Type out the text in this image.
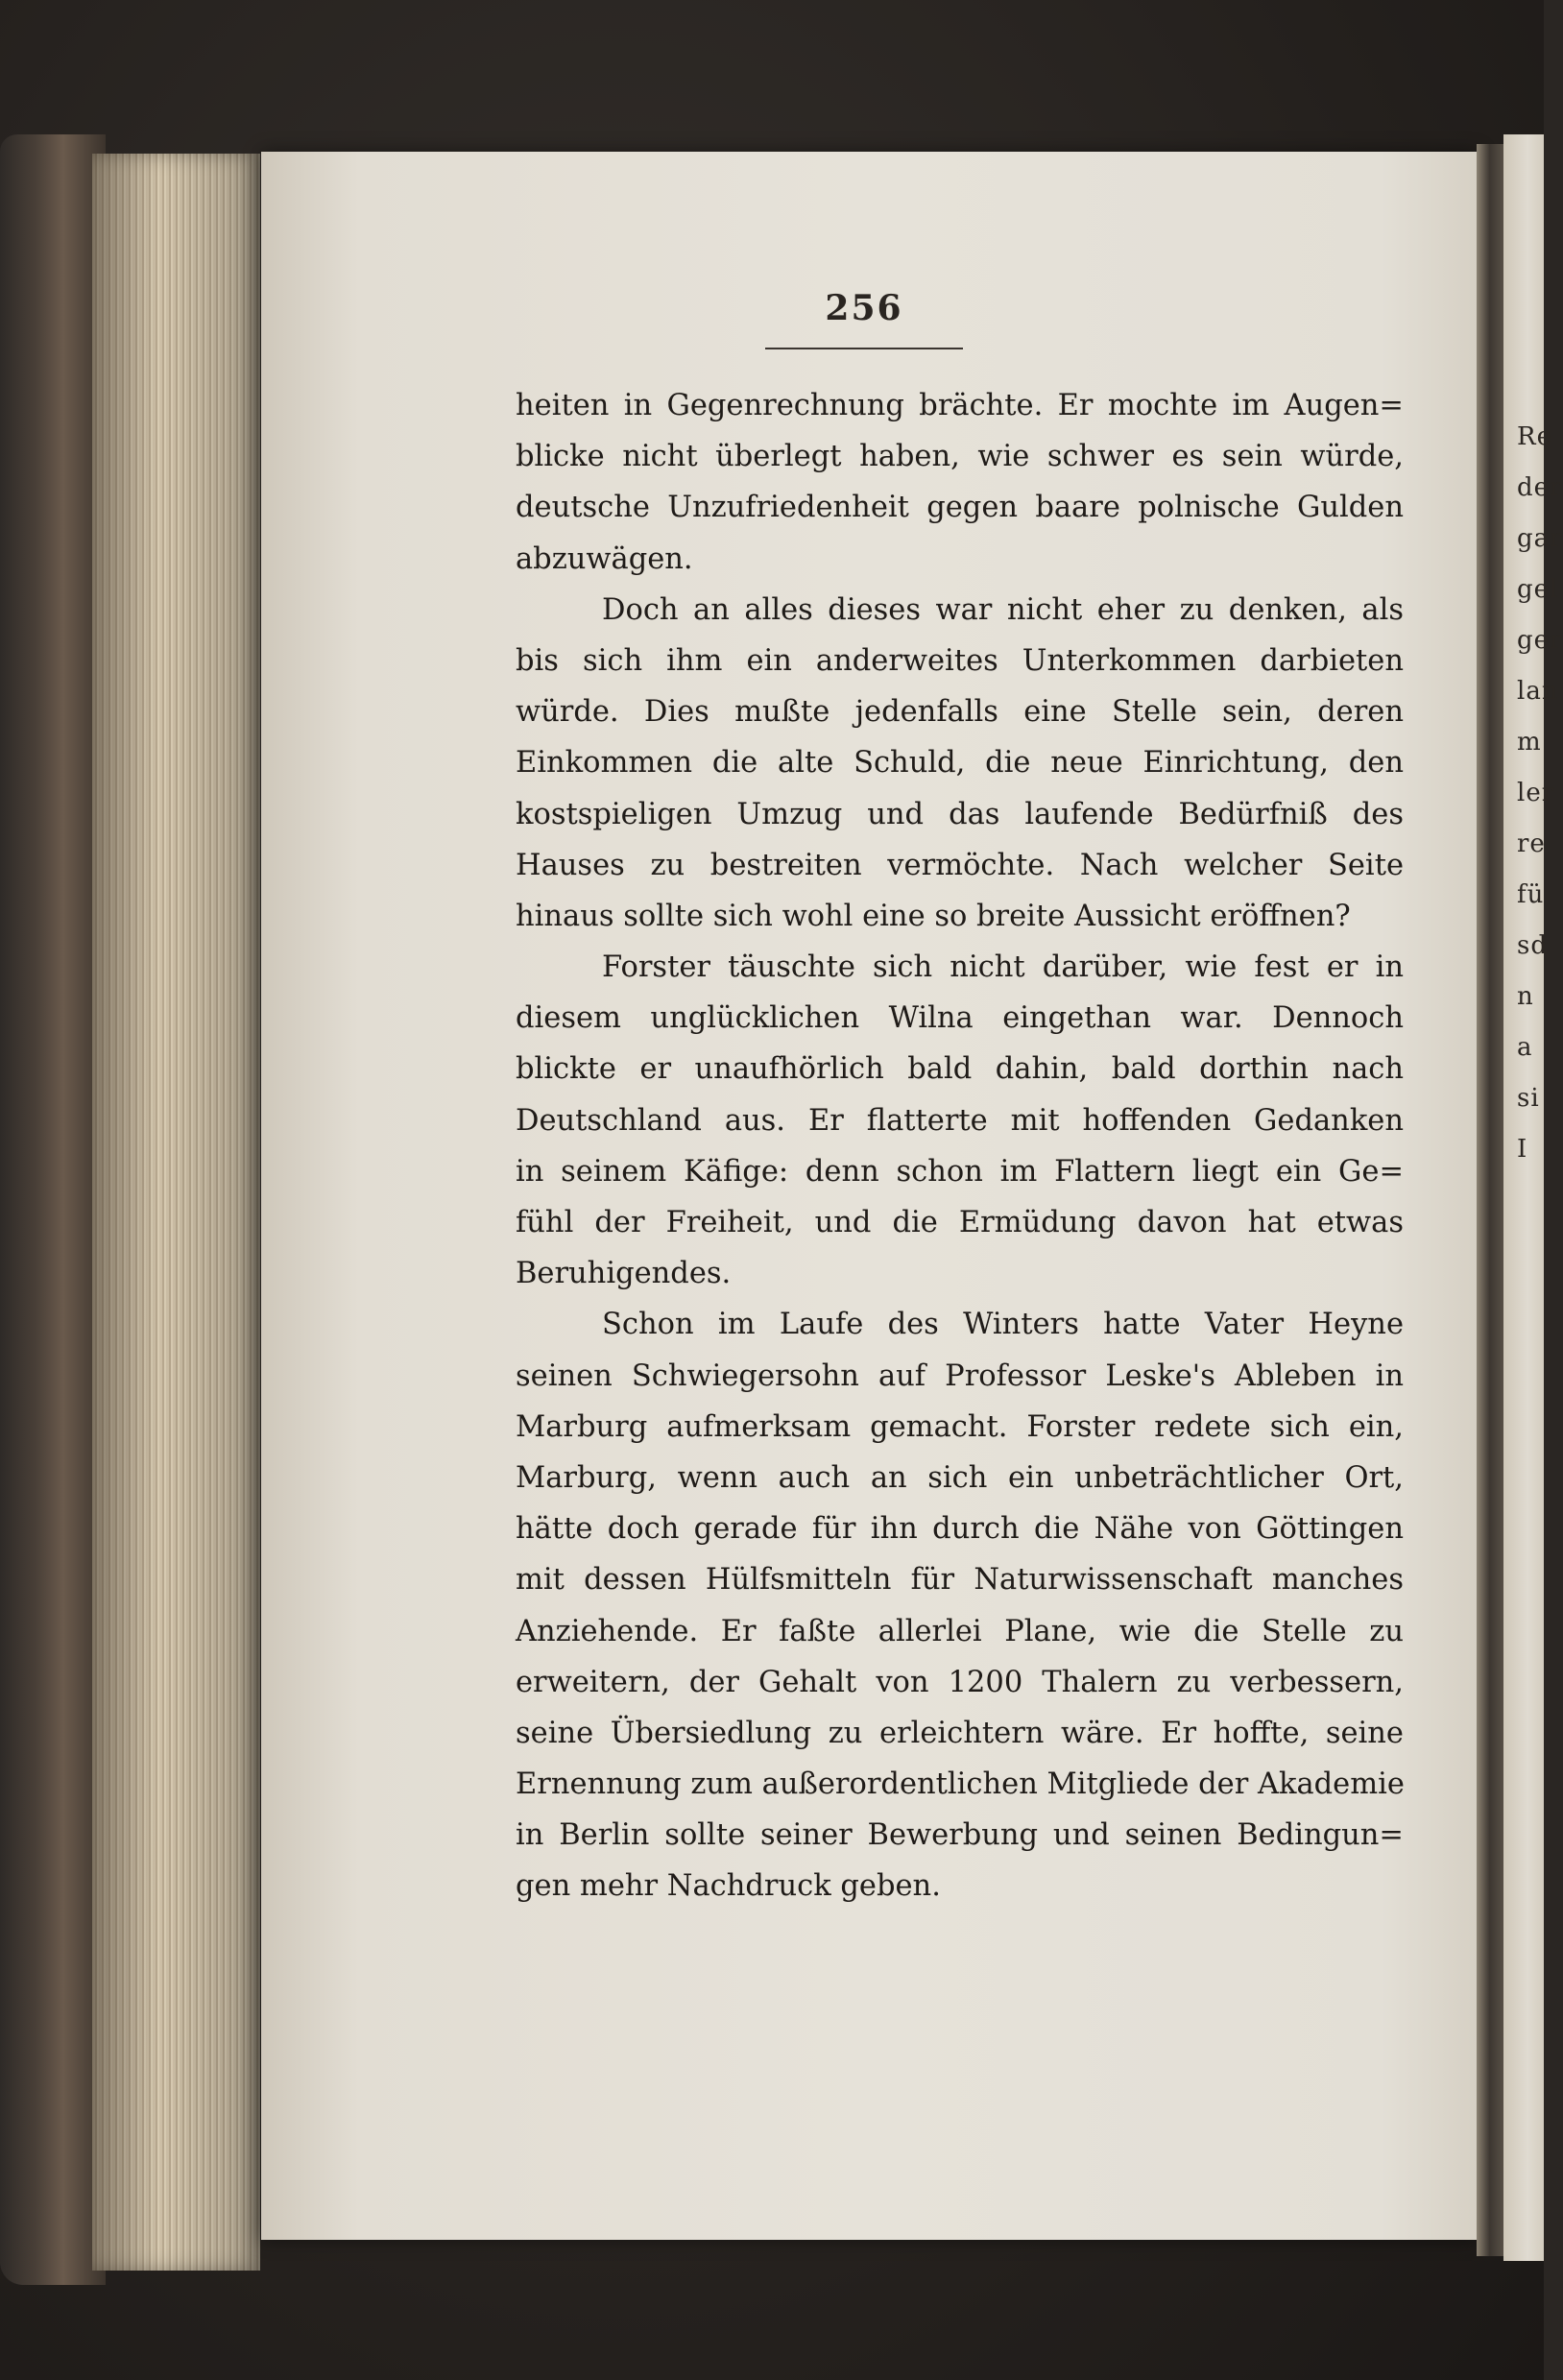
Re
der
gar
gel
ger
lan
m
ler
re
fü
sd
n
a
si
I
256
heiten in Gegenrechnung brächte. Er mochte im Augen=
blicke nicht überlegt haben, wie schwer es sein würde,
deutsche Unzufriedenheit gegen baare polnische Gulden
abzuwägen.
Doch an alles dieses war nicht eher zu denken, als
bis sich ihm ein anderweites Unterkommen darbieten
würde. Dies mußte jedenfalls eine Stelle sein, deren
Einkommen die alte Schuld, die neue Einrichtung, den
kostspieligen Umzug und das laufende Bedürfniß des
Hauses zu bestreiten vermöchte. Nach welcher Seite
hinaus sollte sich wohl eine so breite Aussicht eröffnen?
Forster täuschte sich nicht darüber, wie fest er in
diesem unglücklichen Wilna eingethan war. Dennoch
blickte er unaufhörlich bald dahin, bald dorthin nach
Deutschland aus. Er flatterte mit hoffenden Gedanken
in seinem Käfige: denn schon im Flattern liegt ein Ge=
fühl der Freiheit, und die Ermüdung davon hat etwas
Beruhigendes.
Schon im Laufe des Winters hatte Vater Heyne
seinen Schwiegersohn auf Professor Leske's Ableben in
Marburg aufmerksam gemacht. Forster redete sich ein,
Marburg, wenn auch an sich ein unbeträchtlicher Ort,
hätte doch gerade für ihn durch die Nähe von Göttingen
mit dessen Hülfsmitteln für Naturwissenschaft manches
Anziehende. Er faßte allerlei Plane, wie die Stelle zu
erweitern, der Gehalt von 1200 Thalern zu verbessern,
seine Übersiedlung zu erleichtern wäre. Er hoffte, seine
Ernennung zum außerordentlichen Mitgliede der Akademie
in Berlin sollte seiner Bewerbung und seinen Bedingun=
gen mehr Nachdruck geben.
